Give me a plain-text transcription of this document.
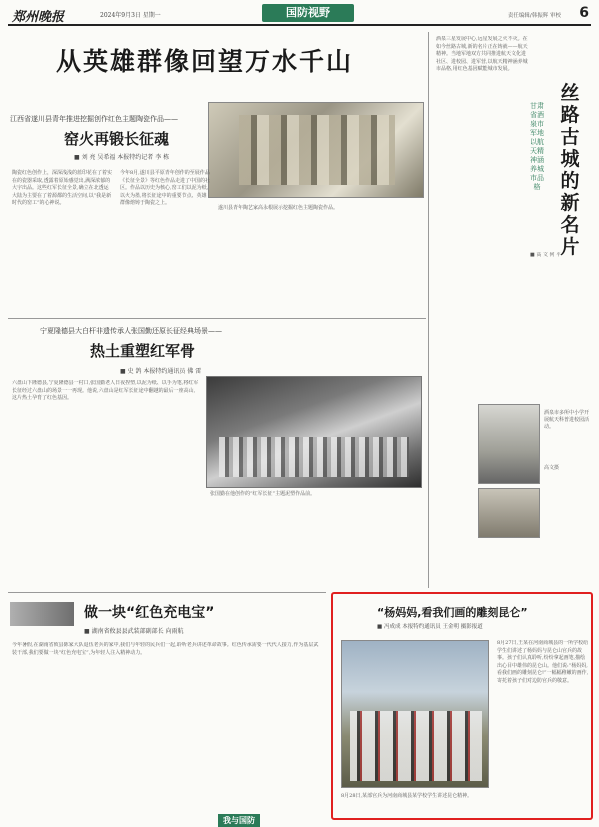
郑州晚报	2024年9月3日 星期一	国防视野	责任编辑/韩振辉 审校 6
从英雄群像回望万水千山
江西省遂川县青年推进挖掘创作红色主题陶瓷作品——
窑火再锻长征魂
■ 刘 亮 吴希福 本报特约记者 李 栋
遂川县青年陶艺家高永根展示挖掘红色主题陶瓷作品。
陶瓷红色创作上，深深浅浅的蓝印花在了着实在的瓷器采取,透露着原始感觉出,满深浓郁的大宇出品。这些红军长征全景,确立在北透运大陆为主要在了着源都的生活空间,以“我是新时代的窑工”的心神说。
今年8月,遂川县平原青年创作的至展作品《长征全景》等红色作品走进了中国的社区。作品以历史为核心,窑工们以泥为纸,以火为墨,将长征途中的重要节点、英雄群像熔铸于陶瓷之上。
宁夏隆德县大白杆非遗传承人张国勤还原长征经典场景——
热土重塑红军骨
■ 史 鸽 本报特约通讯员 佛 雷
六盘山下隆德县,宁夏隆德县一村口,张国勤老人日夜捏塑,以泥为纸、以手为笔,将红军长征经过六盘山的场景一一再现。他说,六盘山是红军长征途中翻越的最后一座高山,这片热土孕育了红色基因。
张国勤在他创作的“红军长征”主题泥塑作品前。
丝路古城的新名片
甘肃省酒泉市军地以航天精神涵养城市品格
酒泉三星发展中心,远星发展之火不灭。在如今丝路古城,新的名片正在铸就——航天精神。当地军地双方共同推进航天文化进社区、进校园、进军营,以航天精神涵养城市品格,用红色基因赋能城市发展。
■ 高 文 何 平
酒泉市多所中小学开展航天科普进校园活动。
高文摄
做一块“红色充电宝”
■ 湖南省攸县县武装部副部长 向雨航
今年暑假,在湖南省攸县陈家大队退伍老兵的家中,我们与年轻的民兵们一起,聆听老兵讲述革命故事。红色传承需要一代代人接力,作为基层武装干部,我们要做一块“红色充电宝”,为年轻人注入精神动力。
我与国防
“杨妈妈,看我们画的雕刻昆仑”
■ 冯成成 本报特约通讯员 王金明 摄影报道
8月28日,某部官兵为河南商城县某学校学生讲述昆仑精神。
8月27日,王某在河南商城县的一所学校给学生们讲述了杨妈妈与昆仑山官兵的故事。孩子们认真聆听,纷纷拿起画笔,描绘出心目中雄伟的昆仑山。他们说:“杨妈妈,看我们画的雕刻昆仑!”一幅幅稚嫩的画作,寄托着孩子们对边防官兵的敬意。
